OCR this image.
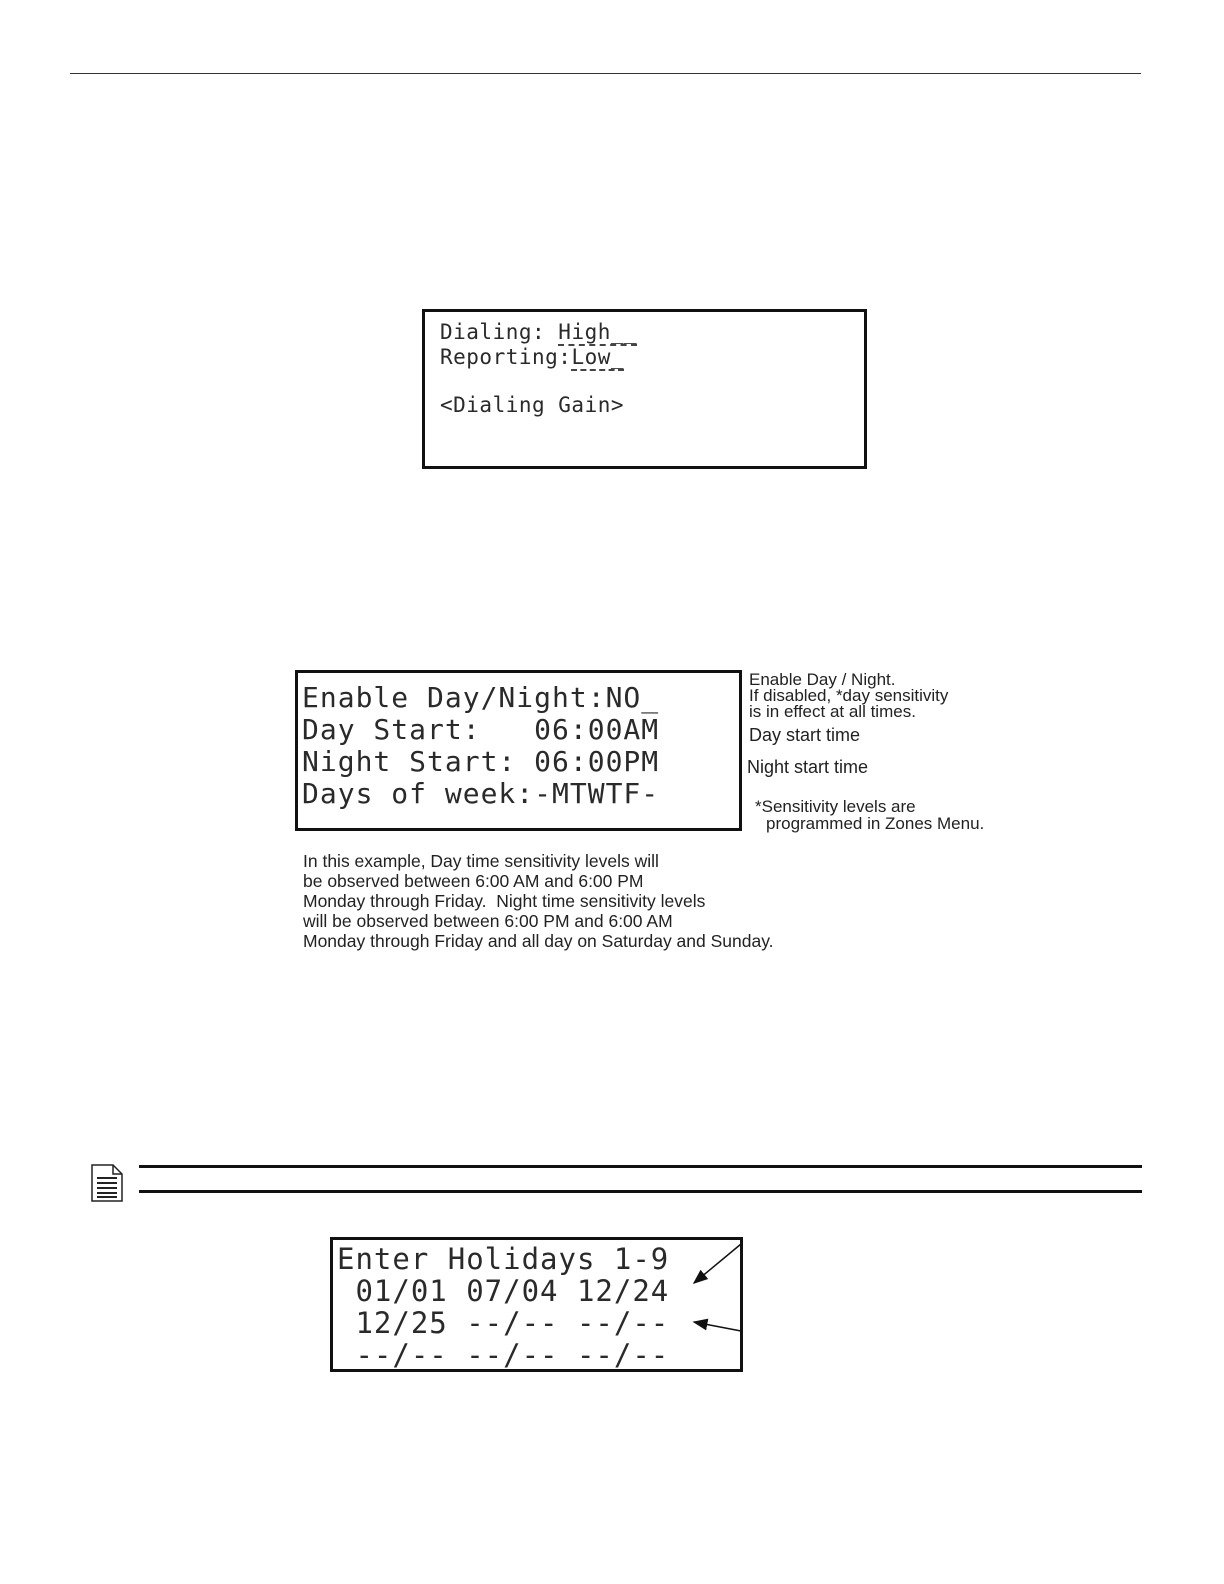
Dialing: High__
Reporting:Low_
<Dialing Gain>
Enable Day/Night:NO_
Day Start:   06:00AM
Night Start: 06:00PM
Days of week:-MTWTF-
Enable Day / Night.
If disabled, *day sensitivity
is in effect at all times.
Day start time
Night start time
*Sensitivity levels are
programmed in Zones Menu.
In this example, Day time sensitivity levels will
be observed between 6:00 AM and 6:00 PM
Monday through Friday.  Night time sensitivity levels
will be observed between 6:00 PM and 6:00 AM
Monday through Friday and all day on Saturday and Sunday.
Enter Holidays 1-9
01/01 07/04 12/24
12/25 --/-- --/--
--/-- --/-- --/--
